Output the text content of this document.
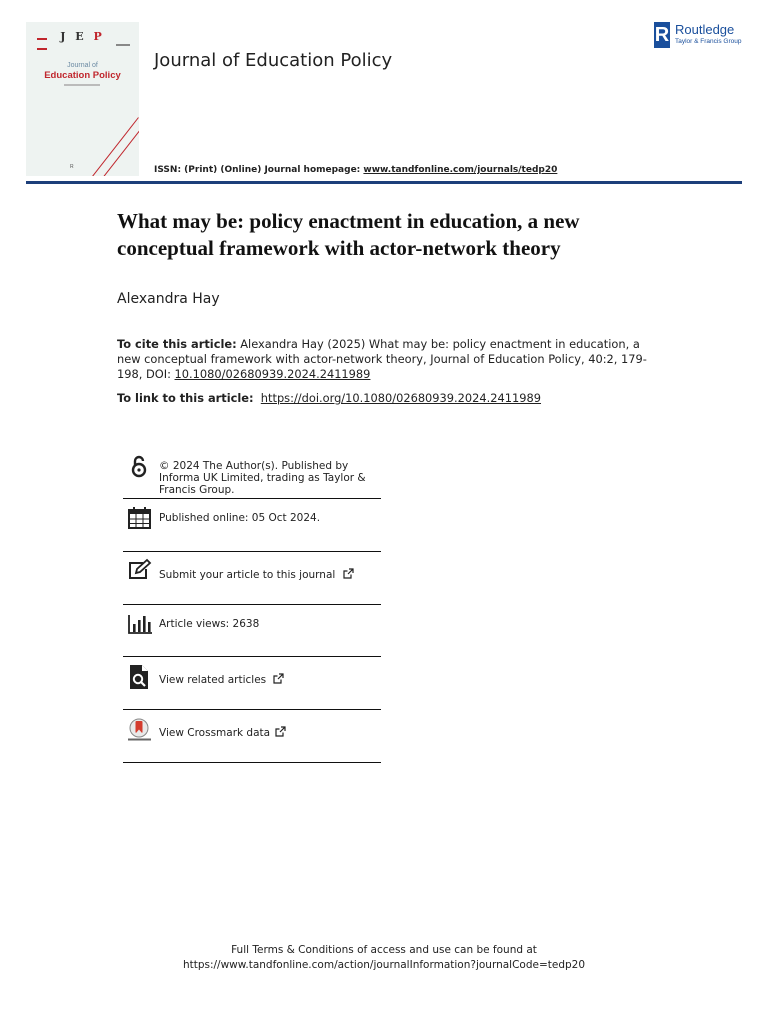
J E P
Journal of
Education Policy
R
Journal of Education Policy
ISSN: (Print) (Online) Journal homepage: www.tandfonline.com/journals/tedp20
R Routledge
Taylor & Francis Group
What may be: policy enactment in education, a new conceptual framework with actor-network theory
Alexandra Hay
To cite this article: Alexandra Hay (2025) What may be: policy enactment in education, a new conceptual framework with actor-network theory, Journal of Education Policy, 40:2, 179-198, DOI: 10.1080/02680939.2024.2411989
To link to this article: https://doi.org/10.1080/02680939.2024.2411989
© 2024 The Author(s). Published by Informa UK Limited, trading as Taylor & Francis Group.
Published online: 05 Oct 2024.
Submit your article to this journal
Article views: 2638
View related articles
View Crossmark data
Full Terms & Conditions of access and use can be found at
https://www.tandfonline.com/action/journalInformation?journalCode=tedp20
